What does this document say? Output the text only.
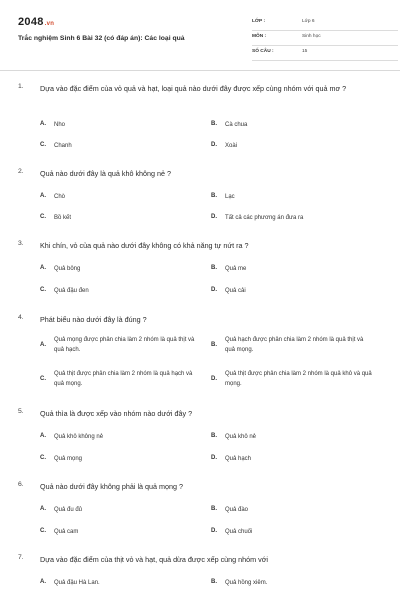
2048.vn
Trắc nghiệm Sinh 6 Bài 32 (có đáp án): Các loại quả
LỚP :	Lớp 6
MÔN :	Sinh học
SỐ CÂU :	15
1. Dựa vào đặc điểm của vỏ quả và hạt, loại quả nào dưới đây được xếp cùng nhóm với quả mơ ?
A. Nho	B. Cà chua
C. Chanh	D. Xoài
2. Quả nào dưới đây là quả khô không nẻ ?
A. Chò	B. Lạc
C. Bồ kết	D. Tất cả các phương án đưa ra
3. Khi chín, vỏ của quả nào dưới đây không có khả năng tự nứt ra ?
A. Quả bông	B. Quả me
C. Quả đậu đen	D. Quả cải
4. Phát biểu nào dưới đây là đúng ?
A.
Quả mọng được phân chia làm 2 nhóm là quả thịt và quả hạch.
B.
Quả hạch được phân chia làm 2 nhóm là quả thịt và quả mọng.
C.
Quả thịt được phân chia làm 2 nhóm là quả hạch và quả mọng.
D.
Quả thịt được phân chia làm 2 nhóm là quả khô và quả mọng.
5. Quả thìa là được xếp vào nhóm nào dưới đây ?
A. Quả khô không nẻ	B. Quả khô nẻ
C. Quả mọng	D. Quả hạch
6. Quả nào dưới đây không phải là quả mọng ?
A. Quả đu đủ	B. Quả đào
C. Quả cam	D. Quả chuối
7. Dựa vào đặc điểm của thịt vỏ và hạt, quả dừa được xếp cùng nhóm với
A. Quả đậu Hà Lan.	B. Quả hồng xiêm.
